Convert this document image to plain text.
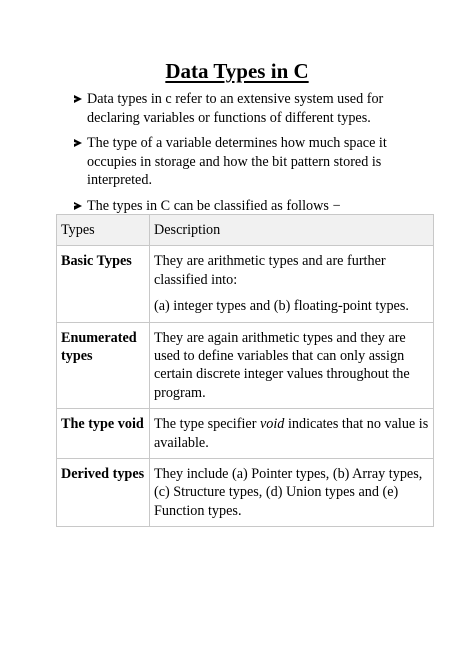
Data Types in C
Data types in c refer to an extensive system used for declaring variables or functions of different types.
The type of a variable determines how much space it occupies in storage and how the bit pattern stored is interpreted.
The types in C can be classified as follows −
Types	Description
Basic Types	They are arithmetic types and are further classified into:
(a) integer types and (b) floating-point types.

Enumerated types	They are again arithmetic types and they are used to define variables that can only assign certain discrete integer values throughout the program.
The type void	The type specifier void indicates that no value is available.
Derived types	They include (a) Pointer types, (b) Array types, (c) Structure types, (d) Union types and (e) Function types.
